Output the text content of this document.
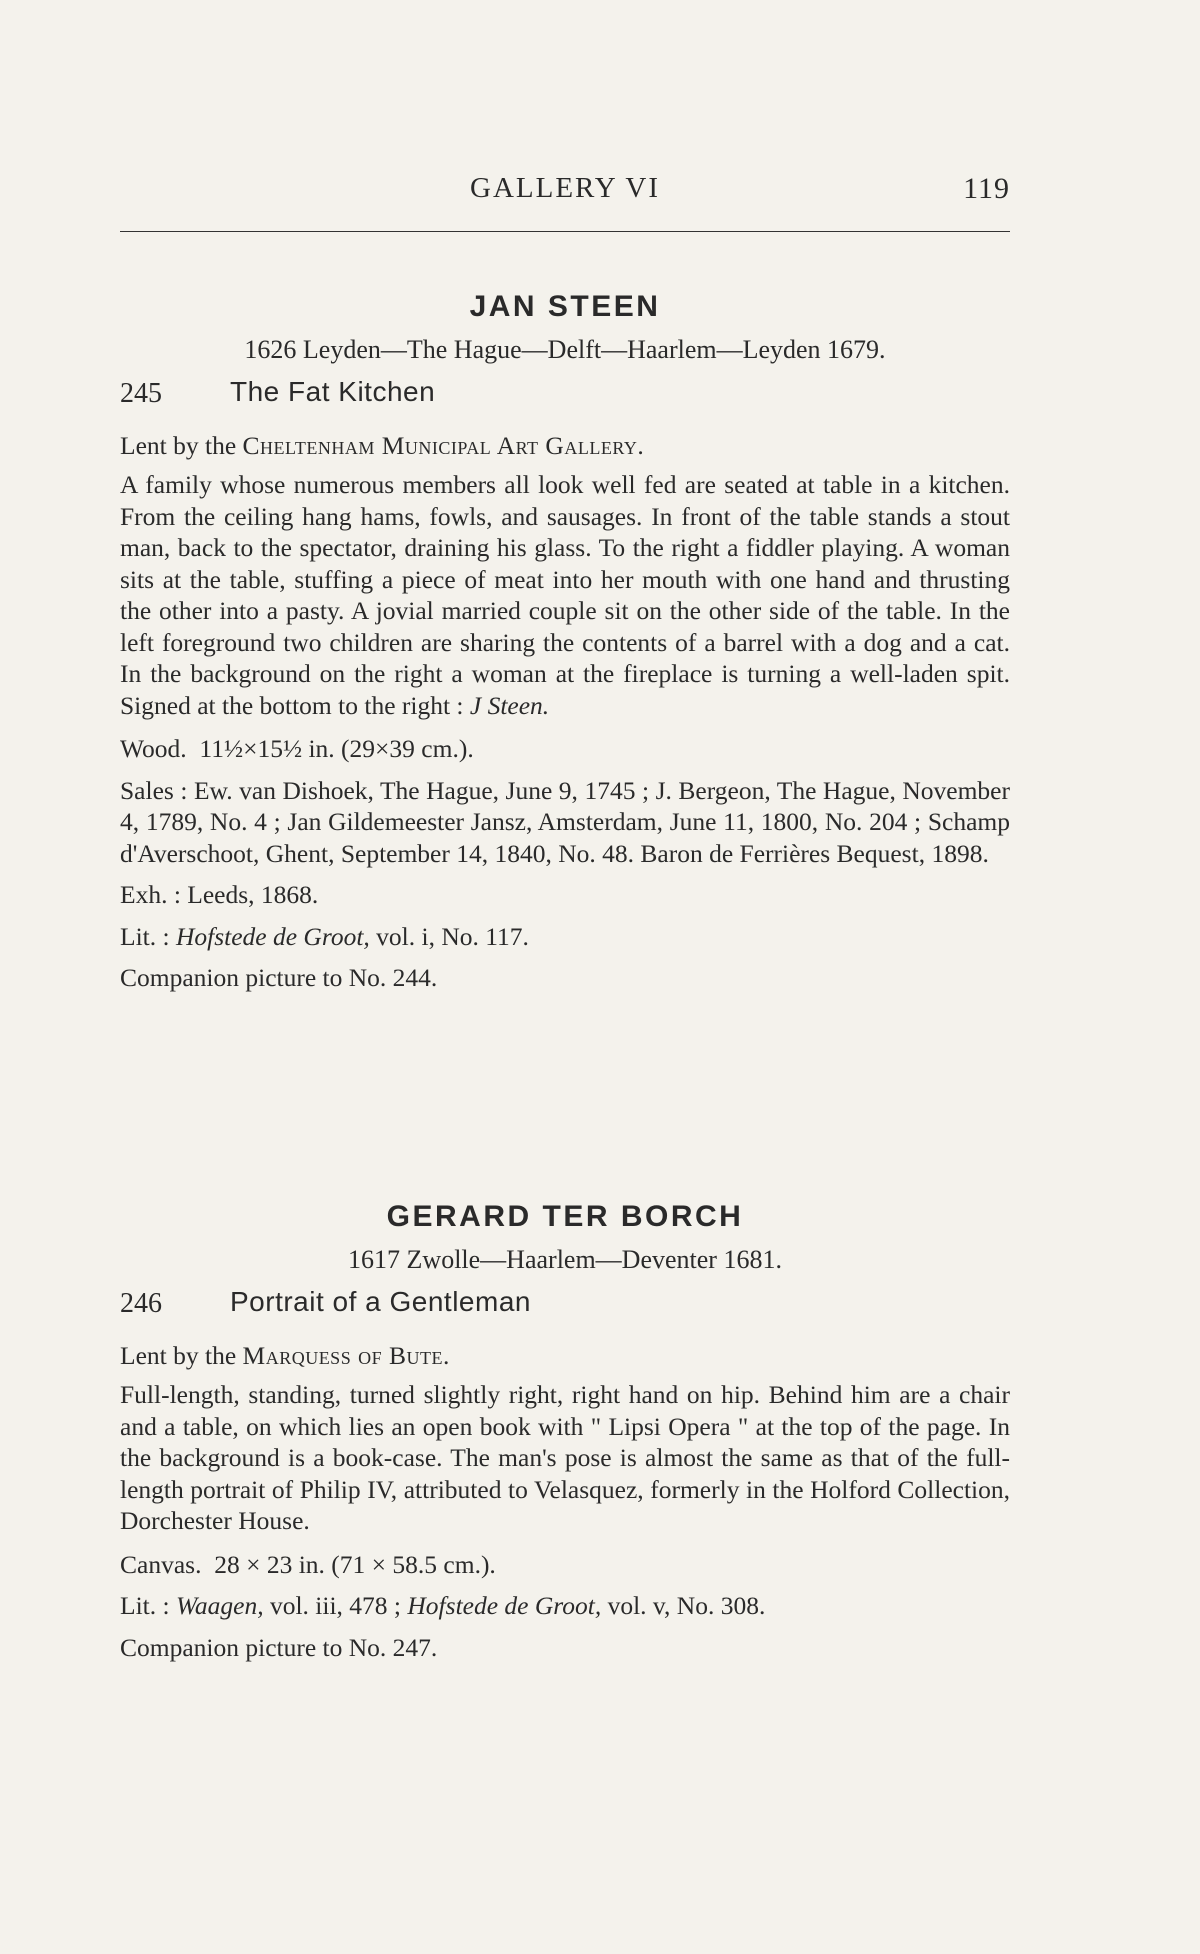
GALLERY VI	119
JAN STEEN

1626 Leyden—The Hague—Delft—Haarlem—Leyden 1679.

245 The Fat Kitchen

Lent by the Cheltenham Municipal Art Gallery.

A family whose numerous members all look well fed are seated at table in a kitchen. From the ceiling hang hams, fowls, and sausages. In front of the table stands a stout man, back to the spectator, draining his glass. To the right a fiddler playing. A woman sits at the table, stuffing a piece of meat into her mouth with one hand and thrusting the other into a pasty. A jovial married couple sit on the other side of the table. In the left foreground two children are sharing the contents of a barrel with a dog and a cat. In the background on the right a woman at the fireplace is turning a well-laden spit. Signed at the bottom to the right : J Steen.

Wood. 11½×15½ in. (29×39 cm.).

Sales : Ew. van Dishoek, The Hague, June 9, 1745 ; J. Bergeon, The Hague, November 4, 1789, No. 4 ; Jan Gildemeester Jansz, Amsterdam, June 11, 1800, No. 204 ; Schamp d'Averschoot, Ghent, September 14, 1840, No. 48. Baron de Ferrières Bequest, 1898.

Exh. : Leeds, 1868.

Lit. : Hofstede de Groot, vol. i, No. 117.

Companion picture to No. 244.

GERARD TER BORCH

1617 Zwolle—Haarlem—Deventer 1681.

246 Portrait of a Gentleman

Lent by the Marquess of Bute.

Full-length, standing, turned slightly right, right hand on hip. Behind him are a chair and a table, on which lies an open book with " Lipsi Opera " at the top of the page. In the background is a book-case. The man's pose is almost the same as that of the full-length portrait of Philip IV, attributed to Velasquez, formerly in the Holford Collection, Dorchester House.

Canvas. 28 × 23 in. (71 × 58.5 cm.).

Lit. : Waagen, vol. iii, 478 ; Hofstede de Groot, vol. v, No. 308.

Companion picture to No. 247.
